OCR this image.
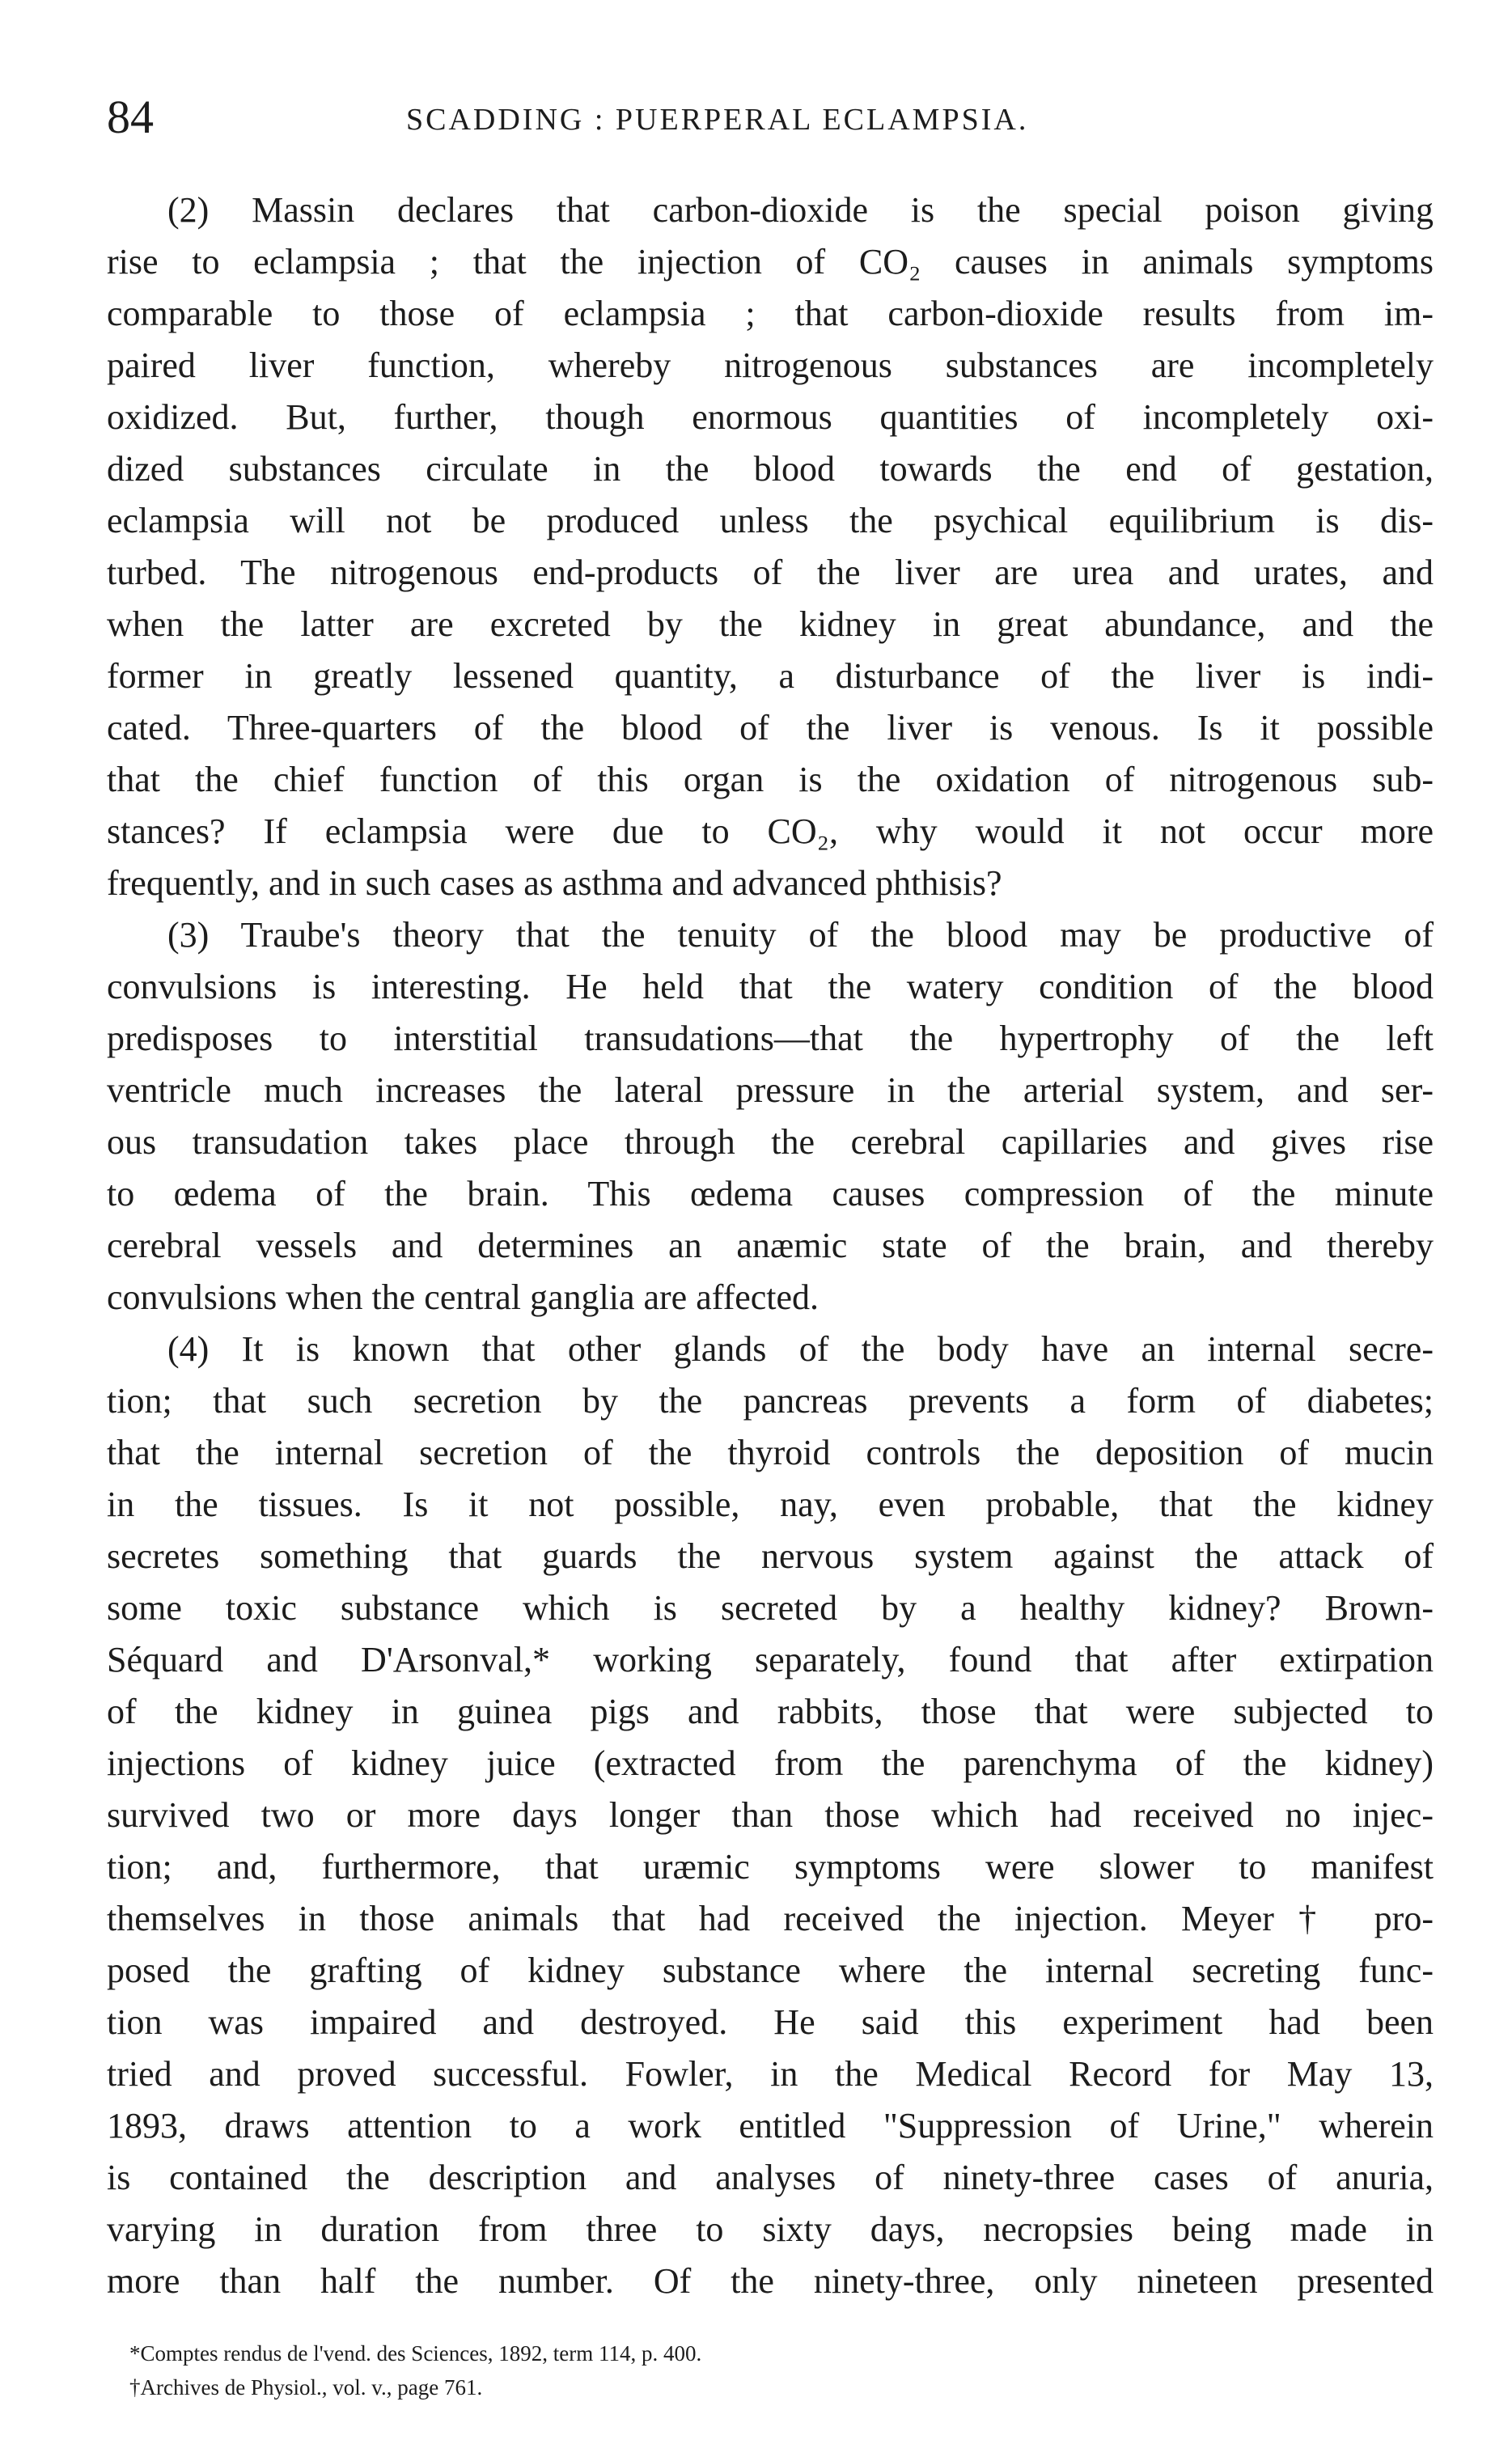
84	SCADDING : PUERPERAL ECLAMPSIA.
(2) Massin declares that carbon-dioxide is the special poison giving
rise to eclampsia ; that the injection of CO₂ causes in animals symptoms
comparable to those of eclampsia ; that carbon-dioxide results from im-
paired liver function, whereby nitrogenous substances are incompletely
oxidized. But, further, though enormous quantities of incompletely oxi-
dized substances circulate in the blood towards the end of gestation,
eclampsia will not be produced unless the psychical equilibrium is dis-
turbed. The nitrogenous end-products of the liver are urea and urates, and
when the latter are excreted by the kidney in great abundance, and the
former in greatly lessened quantity, a disturbance of the liver is indi-
cated. Three-quarters of the blood of the liver is venous. Is it possible
that the chief function of this organ is the oxidation of nitrogenous sub-
stances? If eclampsia were due to CO₂, why would it not occur more
frequently, and in such cases as asthma and advanced phthisis?
(3) Traube's theory that the tenuity of the blood may be productive of
convulsions is interesting. He held that the watery condition of the blood
predisposes to interstitial transudations—that the hypertrophy of the left
ventricle much increases the lateral pressure in the arterial system, and ser-
ous transudation takes place through the cerebral capillaries and gives rise
to œdema of the brain. This œdema causes compression of the minute
cerebral vessels and determines an anæmic state of the brain, and thereby
convulsions when the central ganglia are affected.
(4) It is known that other glands of the body have an internal secre-
tion; that such secretion by the pancreas prevents a form of diabetes;
that the internal secretion of the thyroid controls the deposition of mucin
in the tissues. Is it not possible, nay, even probable, that the kidney
secretes something that guards the nervous system against the attack of
some toxic substance which is secreted by a healthy kidney? Brown-
Séquard and D'Arsonval,* working separately, found that after extirpation
of the kidney in guinea pigs and rabbits, those that were subjected to
injections of kidney juice (extracted from the parenchyma of the kidney)
survived two or more days longer than those which had received no injec-
tion; and, furthermore, that uræmic symptoms were slower to manifest
themselves in those animals that had received the injection. Meyer† pro-
posed the grafting of kidney substance where the internal secreting func-
tion was impaired and destroyed. He said this experiment had been
tried and proved successful. Fowler, in the Medical Record for May 13,
1893, draws attention to a work entitled "Suppression of Urine," wherein
is contained the description and analyses of ninety-three cases of anuria,
varying in duration from three to sixty days, necropsies being made in
more than half the number. Of the ninety-three, only nineteen presented
*Comptes rendus de l'vend. des Sciences, 1892, term 114, p. 400.
†Archives de Physiol., vol. v., page 761.
